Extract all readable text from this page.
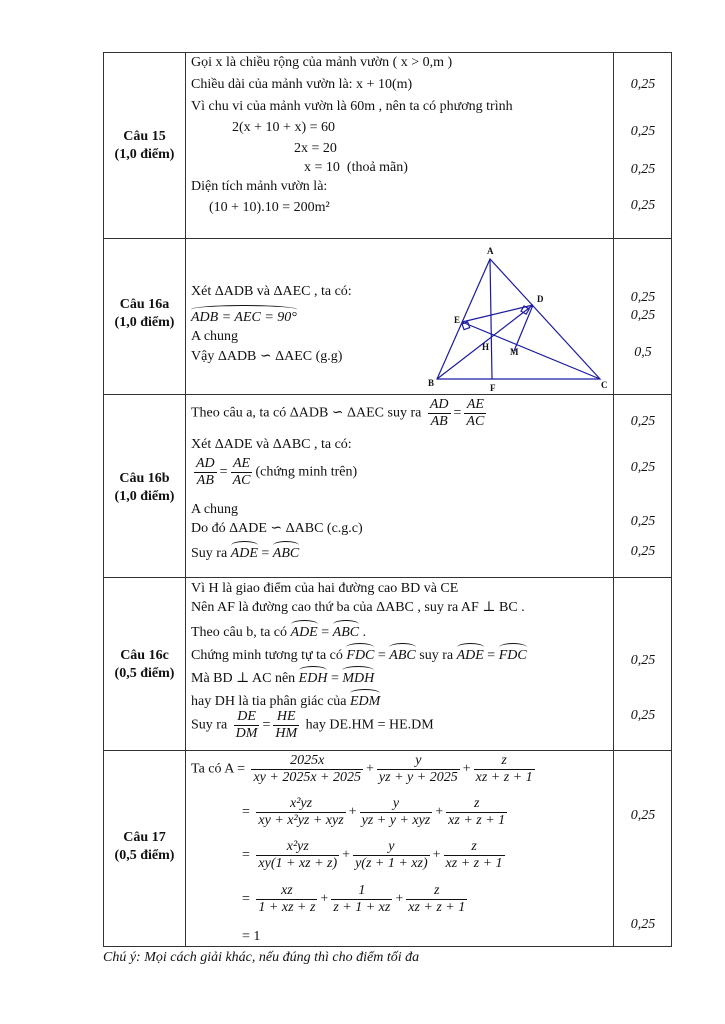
Câu 15
(1,0 điểm)
Gọi x là chiều rộng của mảnh vườn ( x > 0,m )
Chiều dài của mảnh vườn là: x + 10(m)
Vì chu vi của mảnh vườn là 60m , nên ta có phương trình
2(x + 10 + x) = 60
2x = 20
x = 10 (thoả mãn)
Diện tích mảnh vườn là:
(10 + 10).10 = 200m²
0,25
0,25
0,25
0,25
Câu 16a
(1,0 điểm)
Xét ΔADB và ΔAEC , ta có:
ADB = AEC = 90°
A chung
Vậy ΔADB ∽ ΔAEC (g.g)
0,25
0,25
0,5
Câu 16b
(1,0 điểm)
Theo câu a, ta có ΔADB ∽ ΔAEC suy ra $\frac{AD}{AB} = \frac{AE}{AC}$
Xét ΔADE và ΔABC , ta có:
$\frac{AD}{AB} = \frac{AE}{AC}$ (chứng minh trên)
A chung
Do đó ΔADE ∽ ΔABC (c.g.c)
Suy ra ADE = ABC
0,25
0,25
0,25
0,25
Câu 16c
(0,5 điểm)
Vì H là giao điểm của hai đường cao BD và CE
Nên AF là đường cao thứ ba của ΔABC , suy ra AF ⊥ BC .
Theo câu b, ta có ADE = ABC .
Chứng minh tương tự ta có FDC = ABC suy ra ADE = FDC
Mà BD ⊥ AC nên EDH = MDH
hay DH là tia phân giác của EDM
Suy ra $\frac{DE}{DM} = \frac{HE}{HM}$ hay DE.HM = HE.DM
0,25
0,25
Câu 17
(0,5 điểm)
Ta có $A = \frac{2025x}{xy + 2025x + 2025} + \frac{y}{yz + y + 2025} + \frac{z}{xz + z + 1}$
= $\frac{\text{x²yz}}{\text{xy + x²yz + xyz}} + \frac{y}{\text{yz + y + xyz}} + \frac{z}{xz + z + 1}$
= $\frac{\text{x²yz}}{xy(1 + xz + z)} + \frac{y}{y(z + 1 + xz)} + \frac{z}{xz + z + 1}$
= $\frac{xz}{1 + xz + z} + \frac{1}{z + 1 + xz} + \frac{z}{xz + z + 1}$
= 1
0,25
0,25
A
D
E
H M
B	F	C
Chú ý: Mọi cách giải khác, nếu đúng thì cho điểm tối đa
